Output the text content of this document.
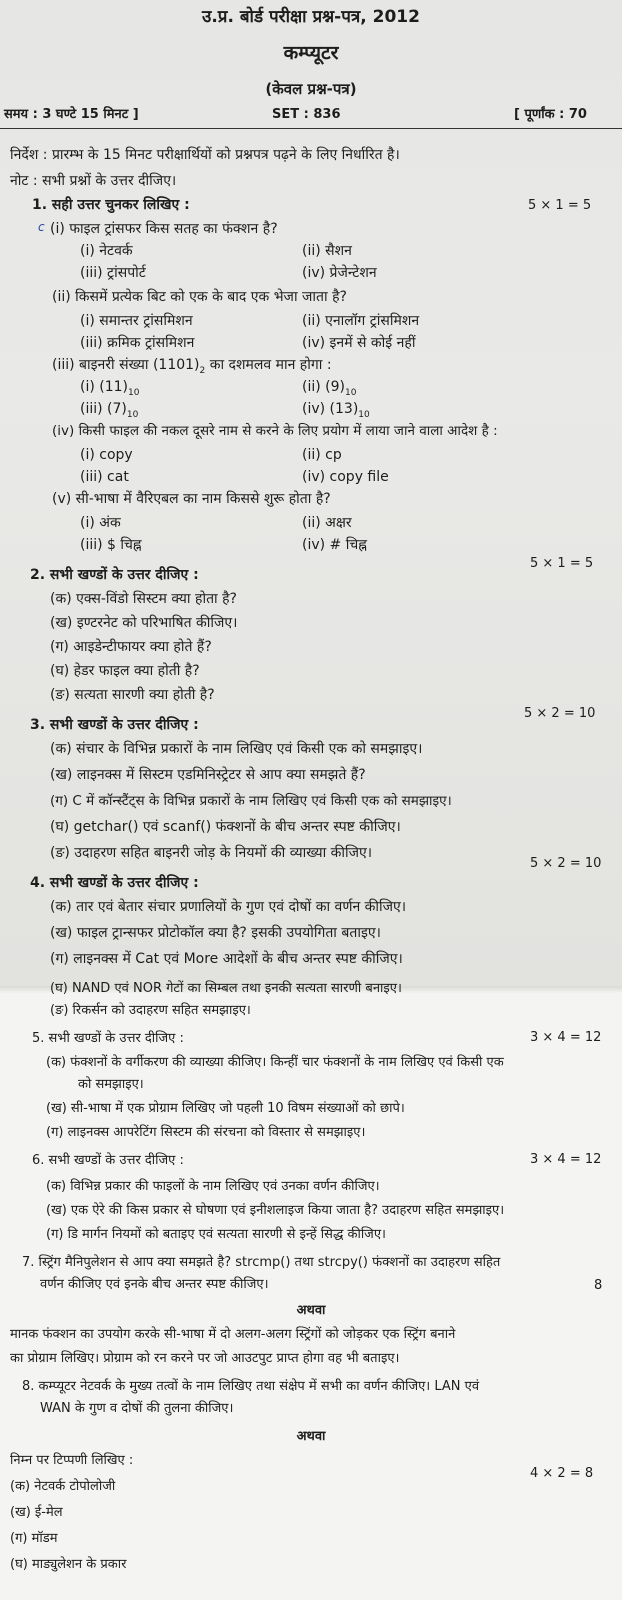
उ.प्र. बोर्ड परीक्षा प्रश्न-पत्र, 2012
कम्प्यूटर
(केवल प्रश्न-पत्र)
समय : 3 घण्टे 15 मिनट ]	SET : 836	[ पूर्णांक : 70
निर्देश : प्रारम्भ के 15 मिनट परीक्षार्थियों को प्रश्नपत्र पढ़ने के लिए निर्धारित है।
नोट : सभी प्रश्नों के उत्तर दीजिए।
1. सही उत्तर चुनकर लिखिए :	5 × 1 = 5
(i) फाइल ट्रांसफर किस सतह का फंक्शन है?
c
(i) नेटवर्क	(ii) सैशन
(iii) ट्रांसपोर्ट	(iv) प्रेजेन्टेशन
(ii) किसमें प्रत्येक बिट को एक के बाद एक भेजा जाता है?
(i) समान्तर ट्रांसमिशन	(ii) एनालॉग ट्रांसमिशन
(iii) क्रमिक ट्रांसमिशन	(iv) इनमें से कोई नहीं
(iii) बाइनरी संख्या $(1101)_2$ का दशमलव मान होगा :
(i) $(11)_{10}$	(ii) $(9)_{10}$
(iii) $(7)_{10}$	(iv) $(13)_{10}$
(iv) किसी फाइल की नकल दूसरे नाम से करने के लिए प्रयोग में लाया जाने वाला आदेश है :
(i) copy	(ii) cp
(iii) cat	(iv) copy file
(v) सी-भाषा में वैरिएबल का नाम किससे शुरू होता है?
(i) अंक	(ii) अक्षर
(iii) $ चिह्न	(iv) # चिह्न
2. सभी खण्डों के उत्तर दीजिए :
5 × 1 = 5
(क) एक्स-विंडो सिस्टम क्या होता है?
(ख) इण्टरनेट को परिभाषित कीजिए।
(ग) आइडेन्टीफायर क्या होते हैं?
(घ) हेडर फाइल क्या होती है?
(ङ) सत्यता सारणी क्या होती है?
3. सभी खण्डों के उत्तर दीजिए :
5 × 2 = 10
(क) संचार के विभिन्न प्रकारों के नाम लिखिए एवं किसी एक को समझाइए।
(ख) लाइनक्स में सिस्टम एडमिनिस्ट्रेटर से आप क्या समझते हैं?
(ग) C में कॉन्स्टैंट्स के विभिन्न प्रकारों के नाम लिखिए एवं किसी एक को समझाइए।
(घ) getchar() एवं scanf() फंक्शनों के बीच अन्तर स्पष्ट कीजिए।
(ङ) उदाहरण सहित बाइनरी जोड़ के नियमों की व्याख्या कीजिए।
4. सभी खण्डों के उत्तर दीजिए :
5 × 2 = 10
(क) तार एवं बेतार संचार प्रणालियों के गुण एवं दोषों का वर्णन कीजिए।
(ख) फाइल ट्रान्सफर प्रोटोकॉल क्या है? इसकी उपयोगिता बताइए।
(ग) लाइनक्स में Cat एवं More आदेशों के बीच अन्तर स्पष्ट कीजिए।
(घ) NAND एवं NOR गेटों का सिम्बल तथा इनकी सत्यता सारणी बनाइए।
(ङ) रिकर्सन को उदाहरण सहित समझाइए।
5. सभी खण्डों के उत्तर दीजिए :	3 × 4 = 12
(क) फंक्शनों के वर्गीकरण की व्याख्या कीजिए। किन्हीं चार फंक्शनों के नाम लिखिए एवं किसी एक
को समझाइए।
(ख) सी-भाषा में एक प्रोग्राम लिखिए जो पहली 10 विषम संख्याओं को छापे।
(ग) लाइनक्स आपरेटिंग सिस्टम की संरचना को विस्तार से समझाइए।
6. सभी खण्डों के उत्तर दीजिए :	3 × 4 = 12
(क) विभिन्न प्रकार की फाइलों के नाम लिखिए एवं उनका वर्णन कीजिए।
(ख) एक ऐरे की किस प्रकार से घोषणा एवं इनीशलाइज किया जाता है? उदाहरण सहित समझाइए।
(ग) डि मार्गन नियमों को बताइए एवं सत्यता सारणी से इन्हें सिद्ध कीजिए।
7. स्ट्रिंग मैनिपुलेशन से आप क्या समझते है? strcmp() तथा strcpy() फंक्शनों का उदाहरण सहित
वर्णन कीजिए एवं इनके बीच अन्तर स्पष्ट कीजिए।	8
अथवा
मानक फंक्शन का उपयोग करके सी-भाषा में दो अलग-अलग स्ट्रिंगों को जोड़कर एक स्ट्रिंग बनाने
का प्रोग्राम लिखिए। प्रोग्राम को रन करने पर जो आउटपुट प्राप्त होगा वह भी बताइए।
8. कम्प्यूटर नेटवर्क के मुख्य तत्वों के नाम लिखिए तथा संक्षेप में सभी का वर्णन कीजिए। LAN एवं
WAN के गुण व दोषों की तुलना कीजिए।
अथवा
निम्न पर टिप्पणी लिखिए :
4 × 2 = 8
(क) नेटवर्क टोपोलोजी
(ख) ई-मेल
(ग) मॉडम
(घ) माड्युलेशन के प्रकार
